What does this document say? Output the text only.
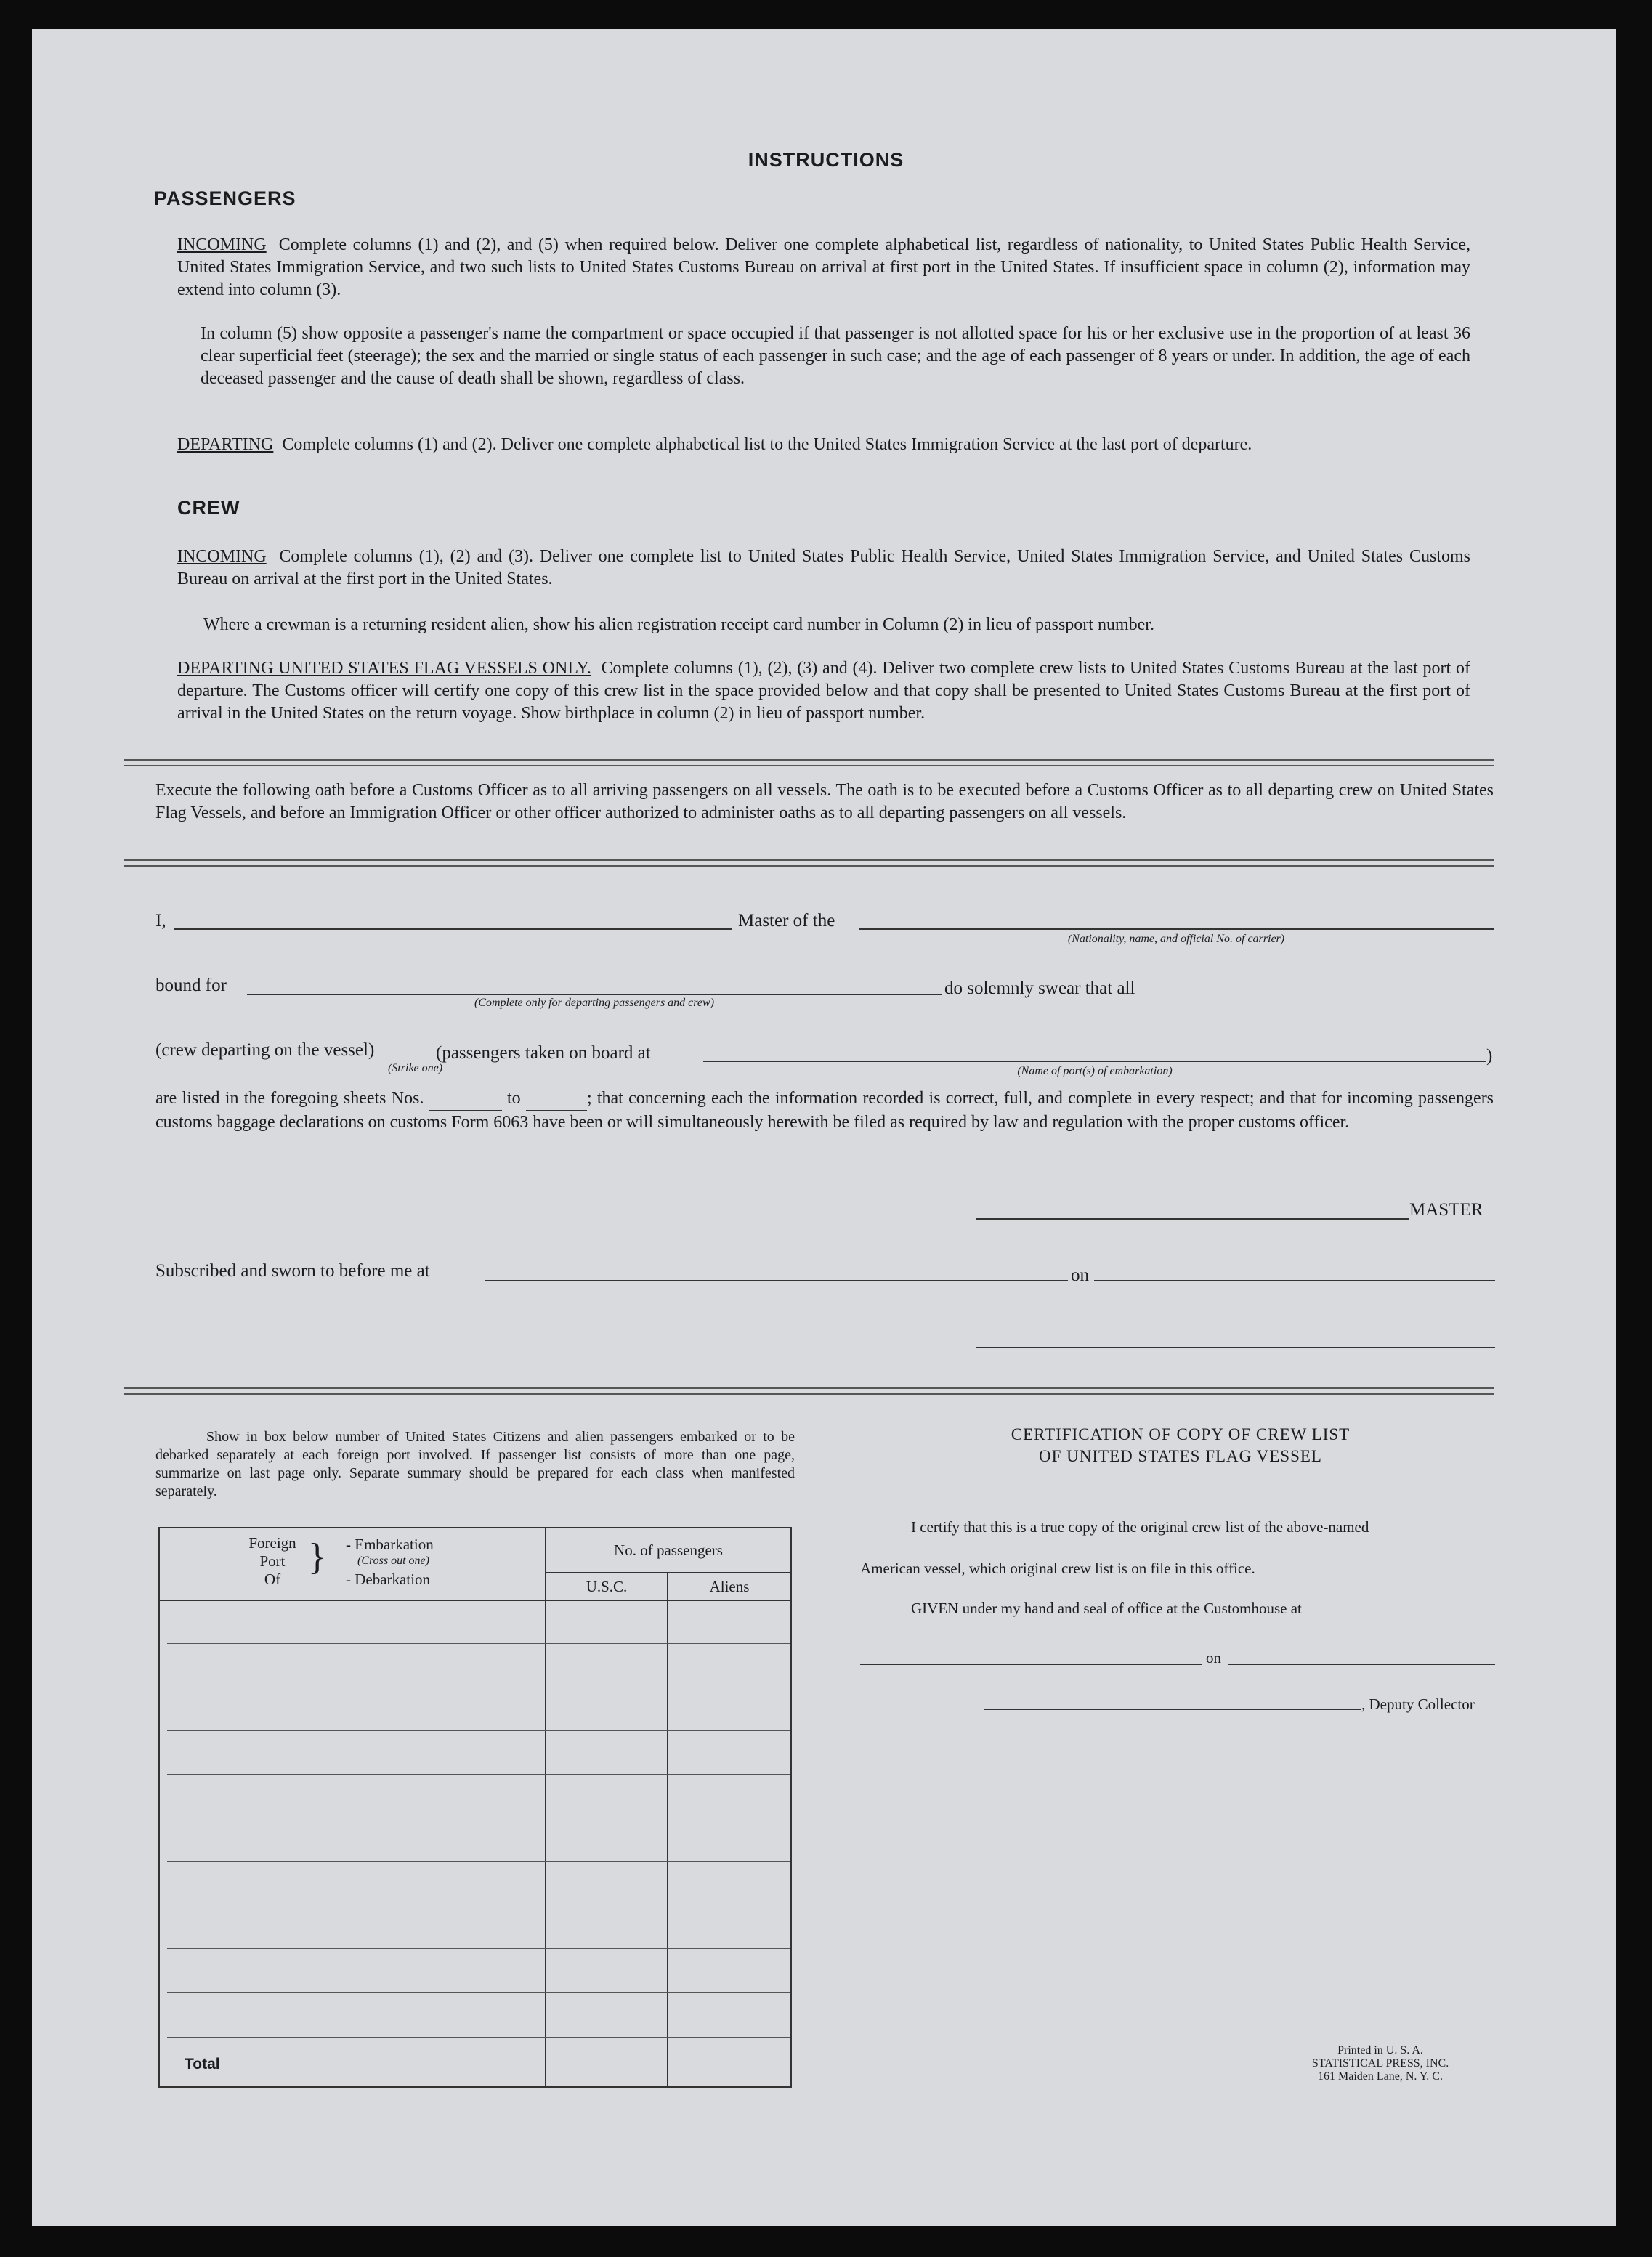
INSTRUCTIONS
PASSENGERS
INCOMING Complete columns (1) and (2), and (5) when required below. Deliver one complete alphabetical list, regardless of nationality, to United States Public Health Service, United States Immigration Service, and two such lists to United States Customs Bureau on arrival at first port in the United States. If insufficient space in column (2), information may extend into column (3).
In column (5) show opposite a passenger's name the compartment or space occupied if that passenger is not allotted space for his or her exclusive use in the proportion of at least 36 clear superficial feet (steerage); the sex and the married or single status of each passenger in such case; and the age of each passenger of 8 years or under. In addition, the age of each deceased passenger and the cause of death shall be shown, regardless of class.
DEPARTING Complete columns (1) and (2). Deliver one complete alphabetical list to the United States Immigration Service at the last port of departure.
CREW
INCOMING Complete columns (1), (2) and (3). Deliver one complete list to United States Public Health Service, United States Immigration Service, and United States Customs Bureau on arrival at the first port in the United States.
Where a crewman is a returning resident alien, show his alien registration receipt card number in Column (2) in lieu of passport number.
DEPARTING UNITED STATES FLAG VESSELS ONLY. Complete columns (1), (2), (3) and (4). Deliver two complete crew lists to United States Customs Bureau at the last port of departure. The Customs officer will certify one copy of this crew list in the space provided below and that copy shall be presented to United States Customs Bureau at the first port of arrival in the United States on the return voyage. Show birthplace in column (2) in lieu of passport number.
Execute the following oath before a Customs Officer as to all arriving passengers on all vessels. The oath is to be executed before a Customs Officer as to all departing crew on United States Flag Vessels, and before an Immigration Officer or other officer authorized to administer oaths as to all departing passengers on all vessels.
I,	Master of the
(Nationality, name, and official No. of carrier)
bound for
(Complete only for departing passengers and crew)
do solemnly swear that all
(crew departing on the vessel)	(passengers taken on board at	)
(Strike one)	(Name of port(s) of embarkation)
are listed in the foregoing sheets Nos.	to	; that concerning each the information recorded is correct, full, and complete in every respect; and that for incoming passengers customs baggage declarations on customs Form 6063 have been or will simultaneously herewith be filed as required by law and regulation with the proper customs officer.
MASTER
Subscribed and sworn to before me at	on
Show in box below number of United States Citizens and alien passengers embarked or to be debarked separately at each foreign port involved. If passenger list consists of more than one page, summarize on last page only. Separate summary should be prepared for each class when manifested separately.
Foreign
Port
Of
} - Embarkation
(Cross out one)
- Debarkation
No. of passengers
U.S.C.	Aliens
Total
CERTIFICATION OF COPY OF CREW LIST
OF UNITED STATES FLAG VESSEL
I certify that this is a true copy of the original crew list of the above-named
American vessel, which original crew list is on file in this office.
GIVEN under my hand and seal of office at the Customhouse at
on
, Deputy Collector
Printed in U. S. A.
STATISTICAL PRESS, INC.
161 Maiden Lane, N. Y. C.
